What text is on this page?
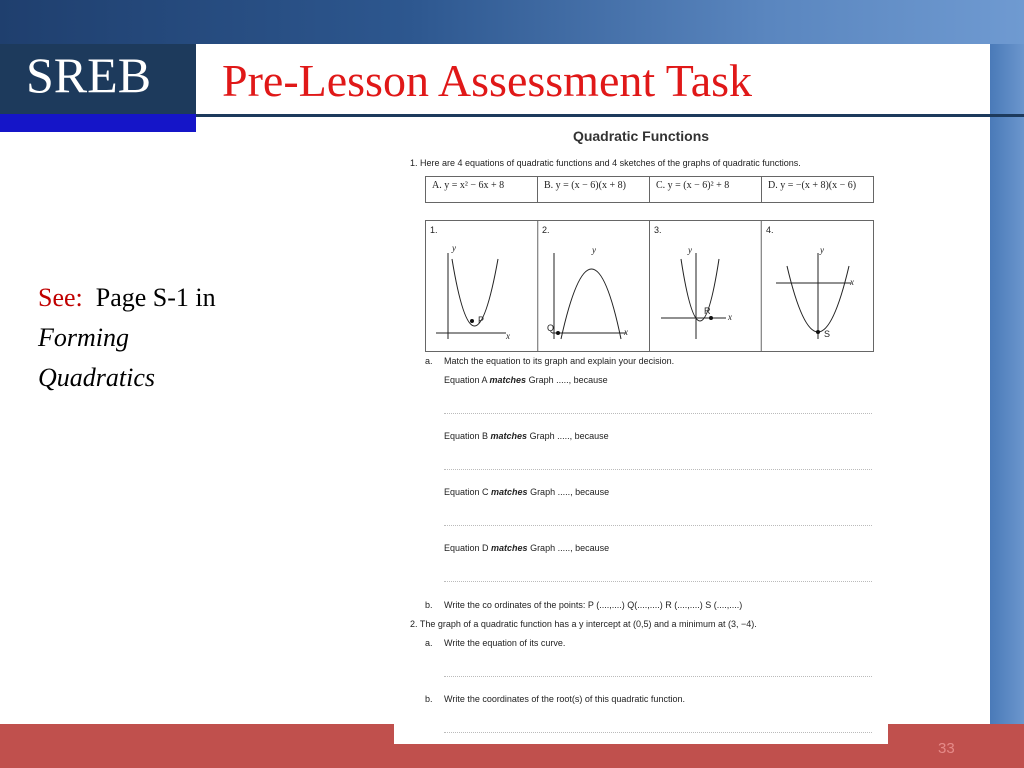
SREB Pre-Lesson Assessment Task
See: Page S-1 in
Forming
Quadratics
Quadratic Functions
1. Here are 4 equations of quadratic functions and 4 sketches of the graphs of quadratic functions.
A. y = x² − 6x + 8	B. y = (x − 6)(x + 8)	C. y = (x − 6)² + 8	D. y = −(x + 8)(x − 6)
1.	2.	3.	4.
y
x
y
x
y
x
y
x
P
Q
R
S
a. Match the equation to its graph and explain your decision.
Equation A matches Graph ....., because
Equation B matches Graph ....., because
Equation C matches Graph ....., because
Equation D matches Graph ....., because
b. Write the co ordinates of the points: P (....,....) Q(....,....) R (....,....) S (....,....)
2. The graph of a quadratic function has a y intercept at (0,5) and a minimum at (3, −4).
a. Write the equation of its curve.
b. Write the coordinates of the root(s) of this quadratic function.
33
